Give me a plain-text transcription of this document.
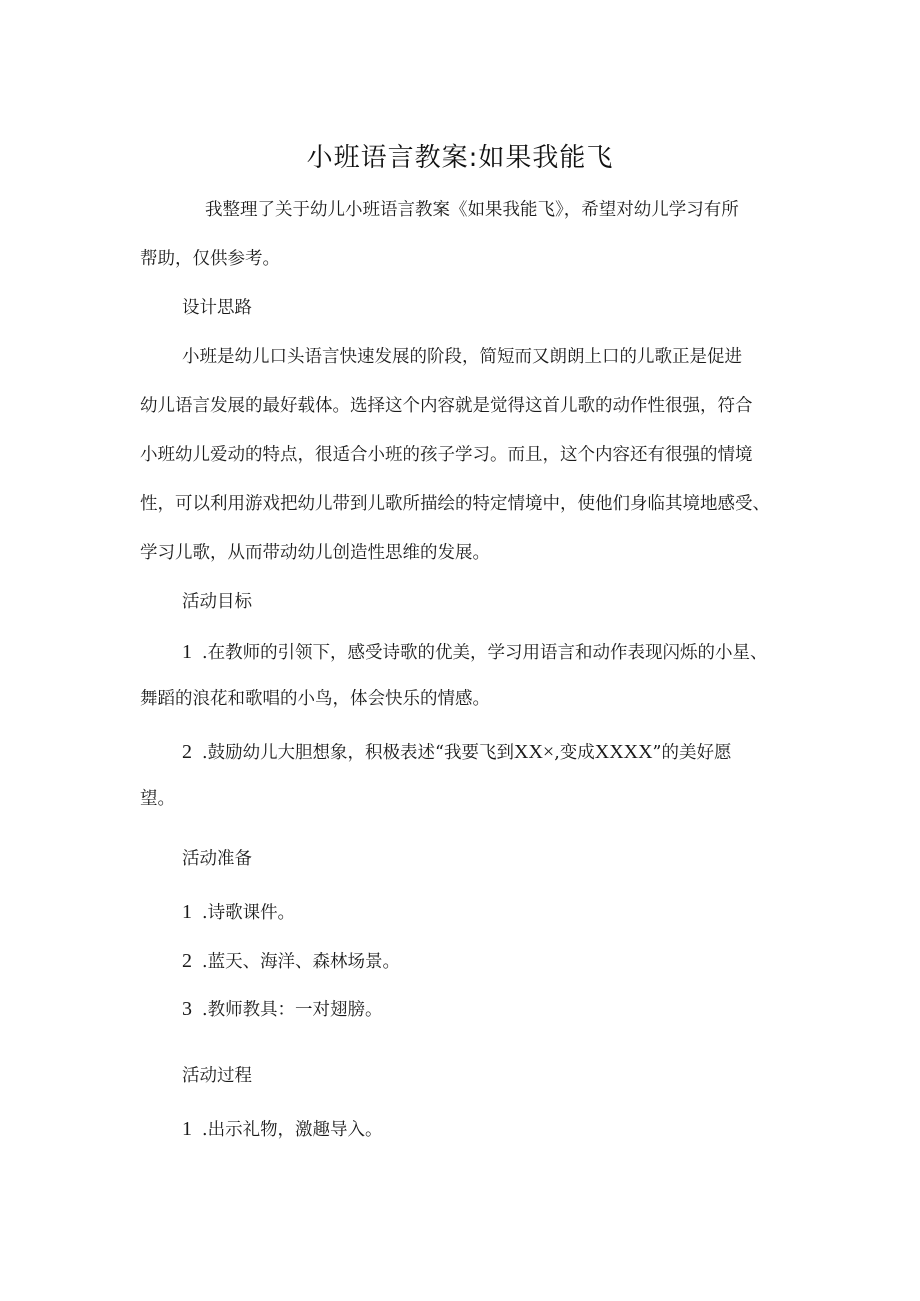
小班语言教案:如果我能飞
我整理了关于幼儿小班语言教案《如果我能飞》，希望对幼儿学习有所
帮助，仅供参考。
设计思路
小班是幼儿口头语言快速发展的阶段，简短而又朗朗上口的儿歌正是促进
幼儿语言发展的最好载体。选择这个内容就是觉得这首儿歌的动作性很强，符合
小班幼儿爱动的特点，很适合小班的孩子学习。而且，这个内容还有很强的情境
性，可以利用游戏把幼儿带到儿歌所描绘的特定情境中，使他们身临其境地感受、
学习儿歌，从而带动幼儿创造性思维的发展。
活动目标
1 .在教师的引领下，感受诗歌的优美，学习用语言和动作表现闪烁的小星、
舞蹈的浪花和歌唱的小鸟，体会快乐的情感。
2 .鼓励幼儿大胆想象，积极表述“我要飞到XX×,变成XXXX”的美好愿
望。
活动准备
1 .诗歌课件。
2 .蓝天、海洋、森林场景。
3 .教师教具：一对翅膀。
活动过程
1 .出示礼物，激趣导入。
